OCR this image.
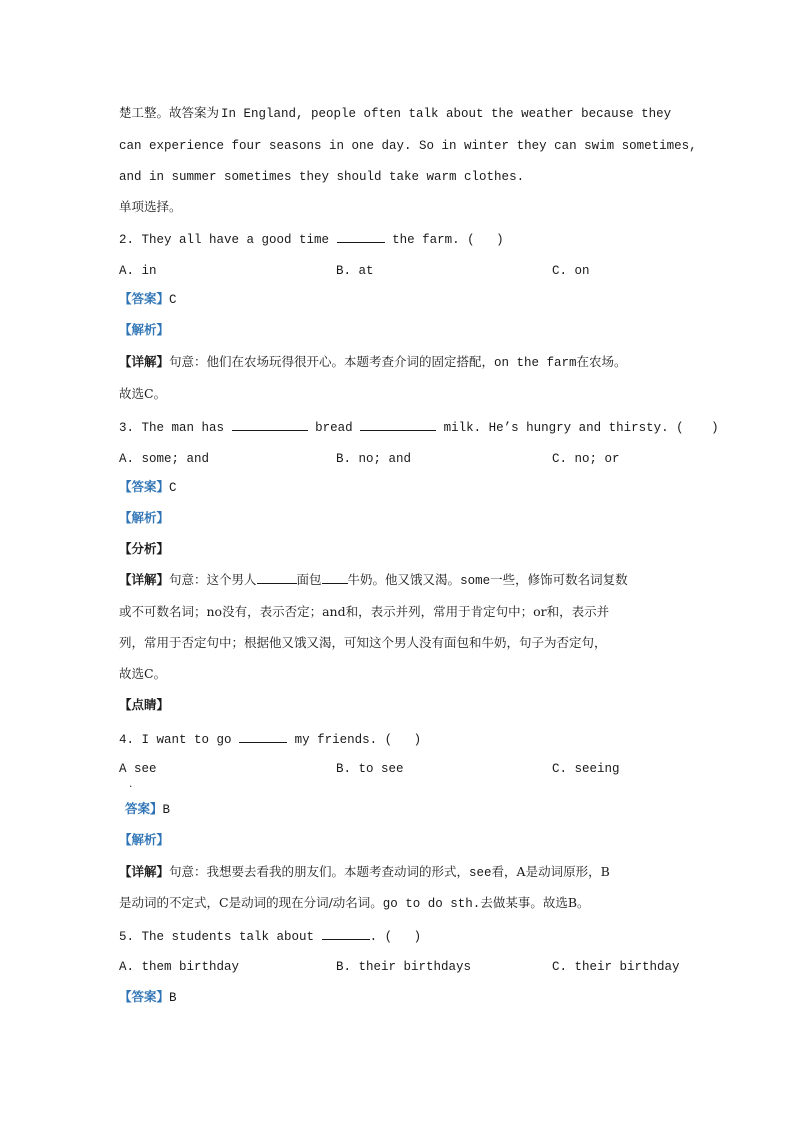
楚工整。故答案为 In England, people often talk about the weather because they
can experience four seasons in one day. So in winter they can swim sometimes,
and in summer sometimes they should take warm clothes.
单项选择。
2. They all have a good time	the farm. ( )
A. in	B. at	C. on
【答案】C
【解析】
【详解】句意：他们在农场玩得很开心。本题考查介词的固定搭配，on the farm在农场。
故选C。
3. The man has	bread	milk. He’s hungry and thirsty. ( )
A. some; and	B. no; and	C. no; or
【答案】C
【解析】
【分析】
【详解】句意：这个男人	面包 牛奶。他又饿又渴。some一些，修饰可数名词复数
或不可数名词；no没有，表示否定；and和，表示并列，常用于肯定句中；or和，表示并
列，常用于否定句中；根据他又饿又渴，可知这个男人没有面包和牛奶，句子为否定句，
故选C。
【点睛】
4. I want to go	my friends. ( )
A see
.
B. to see	C. seeing
答案】B
【解析】
【详解】句意：我想要去看我的朋友们。本题考查动词的形式，see看，A是动词原形，B
是动词的不定式，C是动词的现在分词/动名词。go to do sth.去做某事。故选B。
5. The students talk about	. ( )
A. them birthday	B. their birthdays	C. their birthday
【答案】B
